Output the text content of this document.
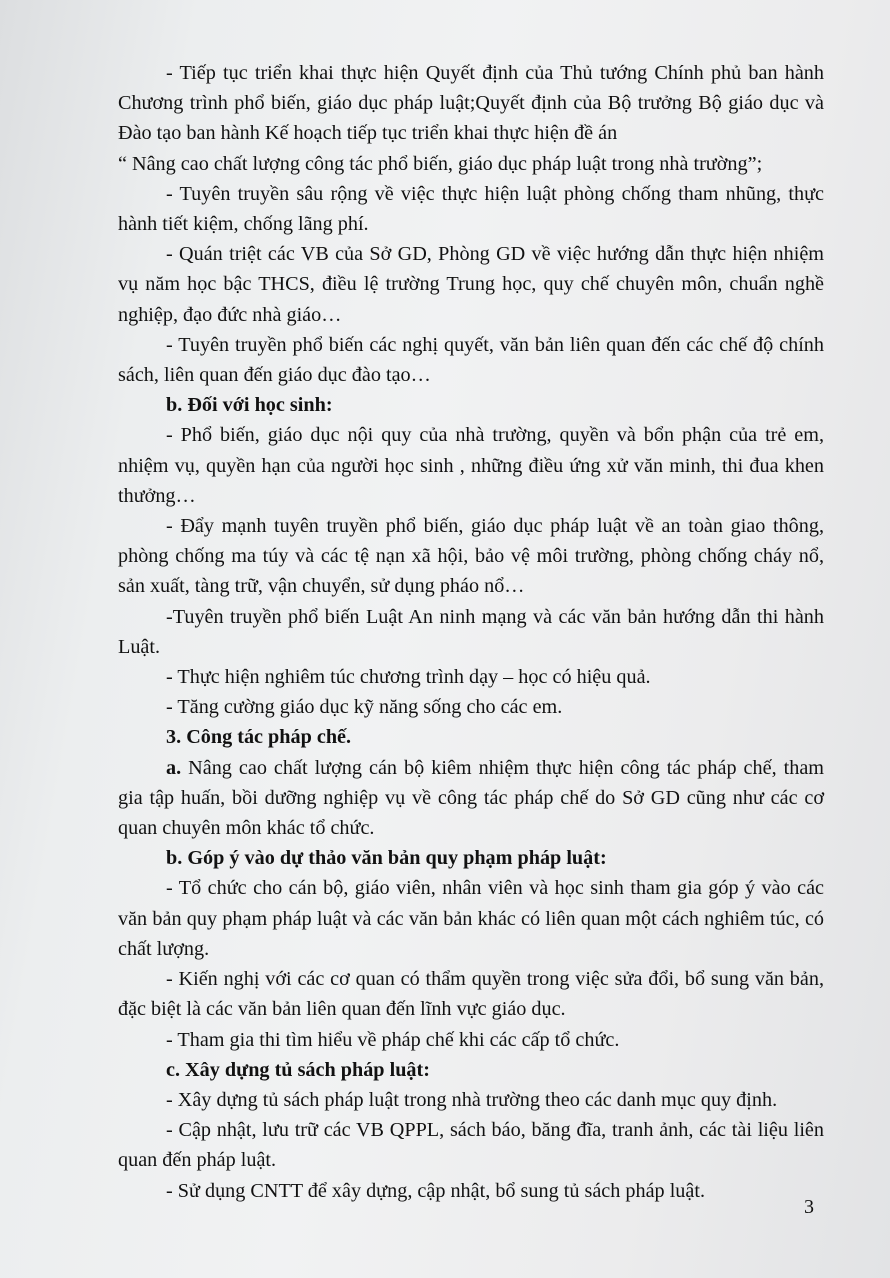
- Tiếp tục triển khai thực hiện Quyết định của Thủ tướng Chính phủ ban hành Chương trình phổ biến, giáo dục pháp luật;Quyết định của Bộ trưởng Bộ giáo dục và Đào tạo ban hành Kế hoạch tiếp tục triển khai thực hiện đề án

“ Nâng cao chất lượng công tác phổ biến, giáo dục pháp luật trong nhà trường”;

- Tuyên truyền sâu rộng về việc thực hiện luật phòng chống tham nhũng, thực hành tiết kiệm, chống lãng phí.

- Quán triệt các VB của Sở GD, Phòng GD về việc hướng dẫn thực hiện nhiệm vụ năm học bậc THCS, điều lệ trường Trung học, quy chế chuyên môn, chuẩn nghề nghiệp, đạo đức nhà giáo…

- Tuyên truyền phổ biến các nghị quyết, văn bản liên quan đến các chế độ chính sách, liên quan đến giáo dục đào tạo…

b. Đối với học sinh:

- Phổ biến, giáo dục nội quy của nhà trường, quyền và bổn phận của trẻ em, nhiệm vụ, quyền hạn của người học sinh , những điều ứng xử văn minh, thi đua khen thưởng…

- Đẩy mạnh tuyên truyền phổ biến, giáo dục pháp luật về an toàn giao thông, phòng chống ma túy và các tệ nạn xã hội, bảo vệ môi trường, phòng chống cháy nổ, sản xuất, tàng trữ, vận chuyển, sử dụng pháo nổ…

-Tuyên truyền phổ biến Luật An ninh mạng và các văn bản hướng dẫn thi hành Luật.

- Thực hiện nghiêm túc chương trình dạy – học có hiệu quả.

- Tăng cường giáo dục kỹ năng sống cho các em.

3. Công tác pháp chế.

a. Nâng cao chất lượng cán bộ kiêm nhiệm thực hiện công tác pháp chế, tham gia tập huấn, bồi dưỡng nghiệp vụ về công tác pháp chế do Sở GD cũng như các cơ quan chuyên môn khác tổ chức.

b. Góp ý vào dự thảo văn bản quy phạm pháp luật:

- Tổ chức cho cán bộ, giáo viên, nhân viên và học sinh tham gia góp ý vào các văn bản quy phạm pháp luật và các văn bản khác có liên quan một cách nghiêm túc, có chất lượng.

- Kiến nghị với các cơ quan có thẩm quyền trong việc sửa đổi, bổ sung văn bản, đặc biệt là các văn bản liên quan đến lĩnh vực giáo dục.

- Tham gia thi tìm hiểu về pháp chế khi các cấp tổ chức.

c. Xây dựng tủ sách pháp luật:

- Xây dựng tủ sách pháp luật trong nhà trường theo các danh mục quy định.

- Cập nhật, lưu trữ các VB QPPL, sách báo, băng đĩa, tranh ảnh, các tài liệu liên quan đến pháp luật.

- Sử dụng CNTT để xây dựng, cập nhật, bổ sung tủ sách pháp luật.

3
